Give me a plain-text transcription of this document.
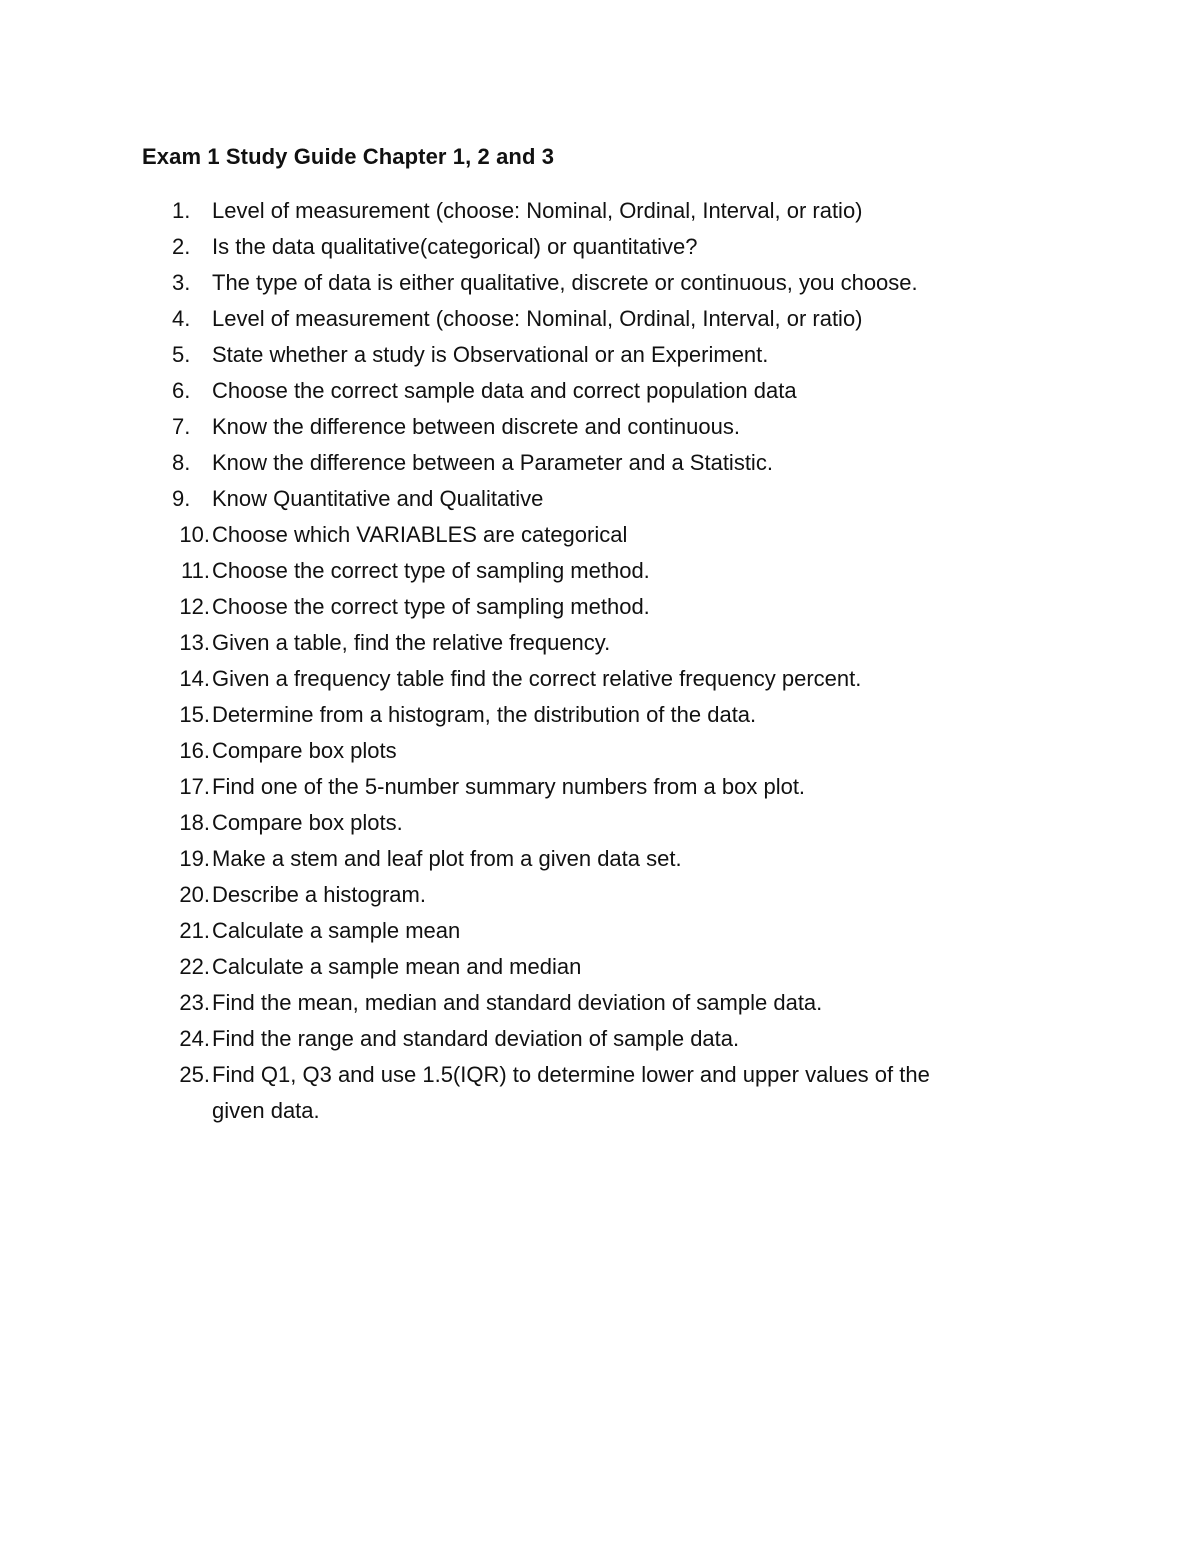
Exam 1 Study Guide Chapter 1, 2 and 3
1. Level of measurement (choose: Nominal, Ordinal, Interval, or ratio)
2. Is the data qualitative(categorical) or quantitative?
3. The type of data is either qualitative, discrete or continuous, you choose.
4. Level of measurement (choose: Nominal, Ordinal, Interval, or ratio)
5. State whether a study is Observational or an Experiment.
6. Choose the correct sample data and correct population data
7. Know the difference between discrete and continuous.
8. Know the difference between a Parameter and a Statistic.
9. Know Quantitative and Qualitative
10. Choose which VARIABLES are categorical
11. Choose the correct type of sampling method.
12. Choose the correct type of sampling method.
13. Given a table, find the relative frequency.
14. Given a frequency table find the correct relative frequency percent.
15. Determine from a histogram, the distribution of the data.
16. Compare box plots
17. Find one of the 5-number summary numbers from a box plot.
18. Compare box plots.
19. Make a stem and leaf plot from a given data set.
20. Describe a histogram.
21. Calculate a sample mean
22. Calculate a sample mean and median
23. Find the mean, median and standard deviation of sample data.
24. Find the range and standard deviation of sample data.
25. Find Q1, Q3 and use 1.5(IQR) to determine lower and upper values of the
given data.
